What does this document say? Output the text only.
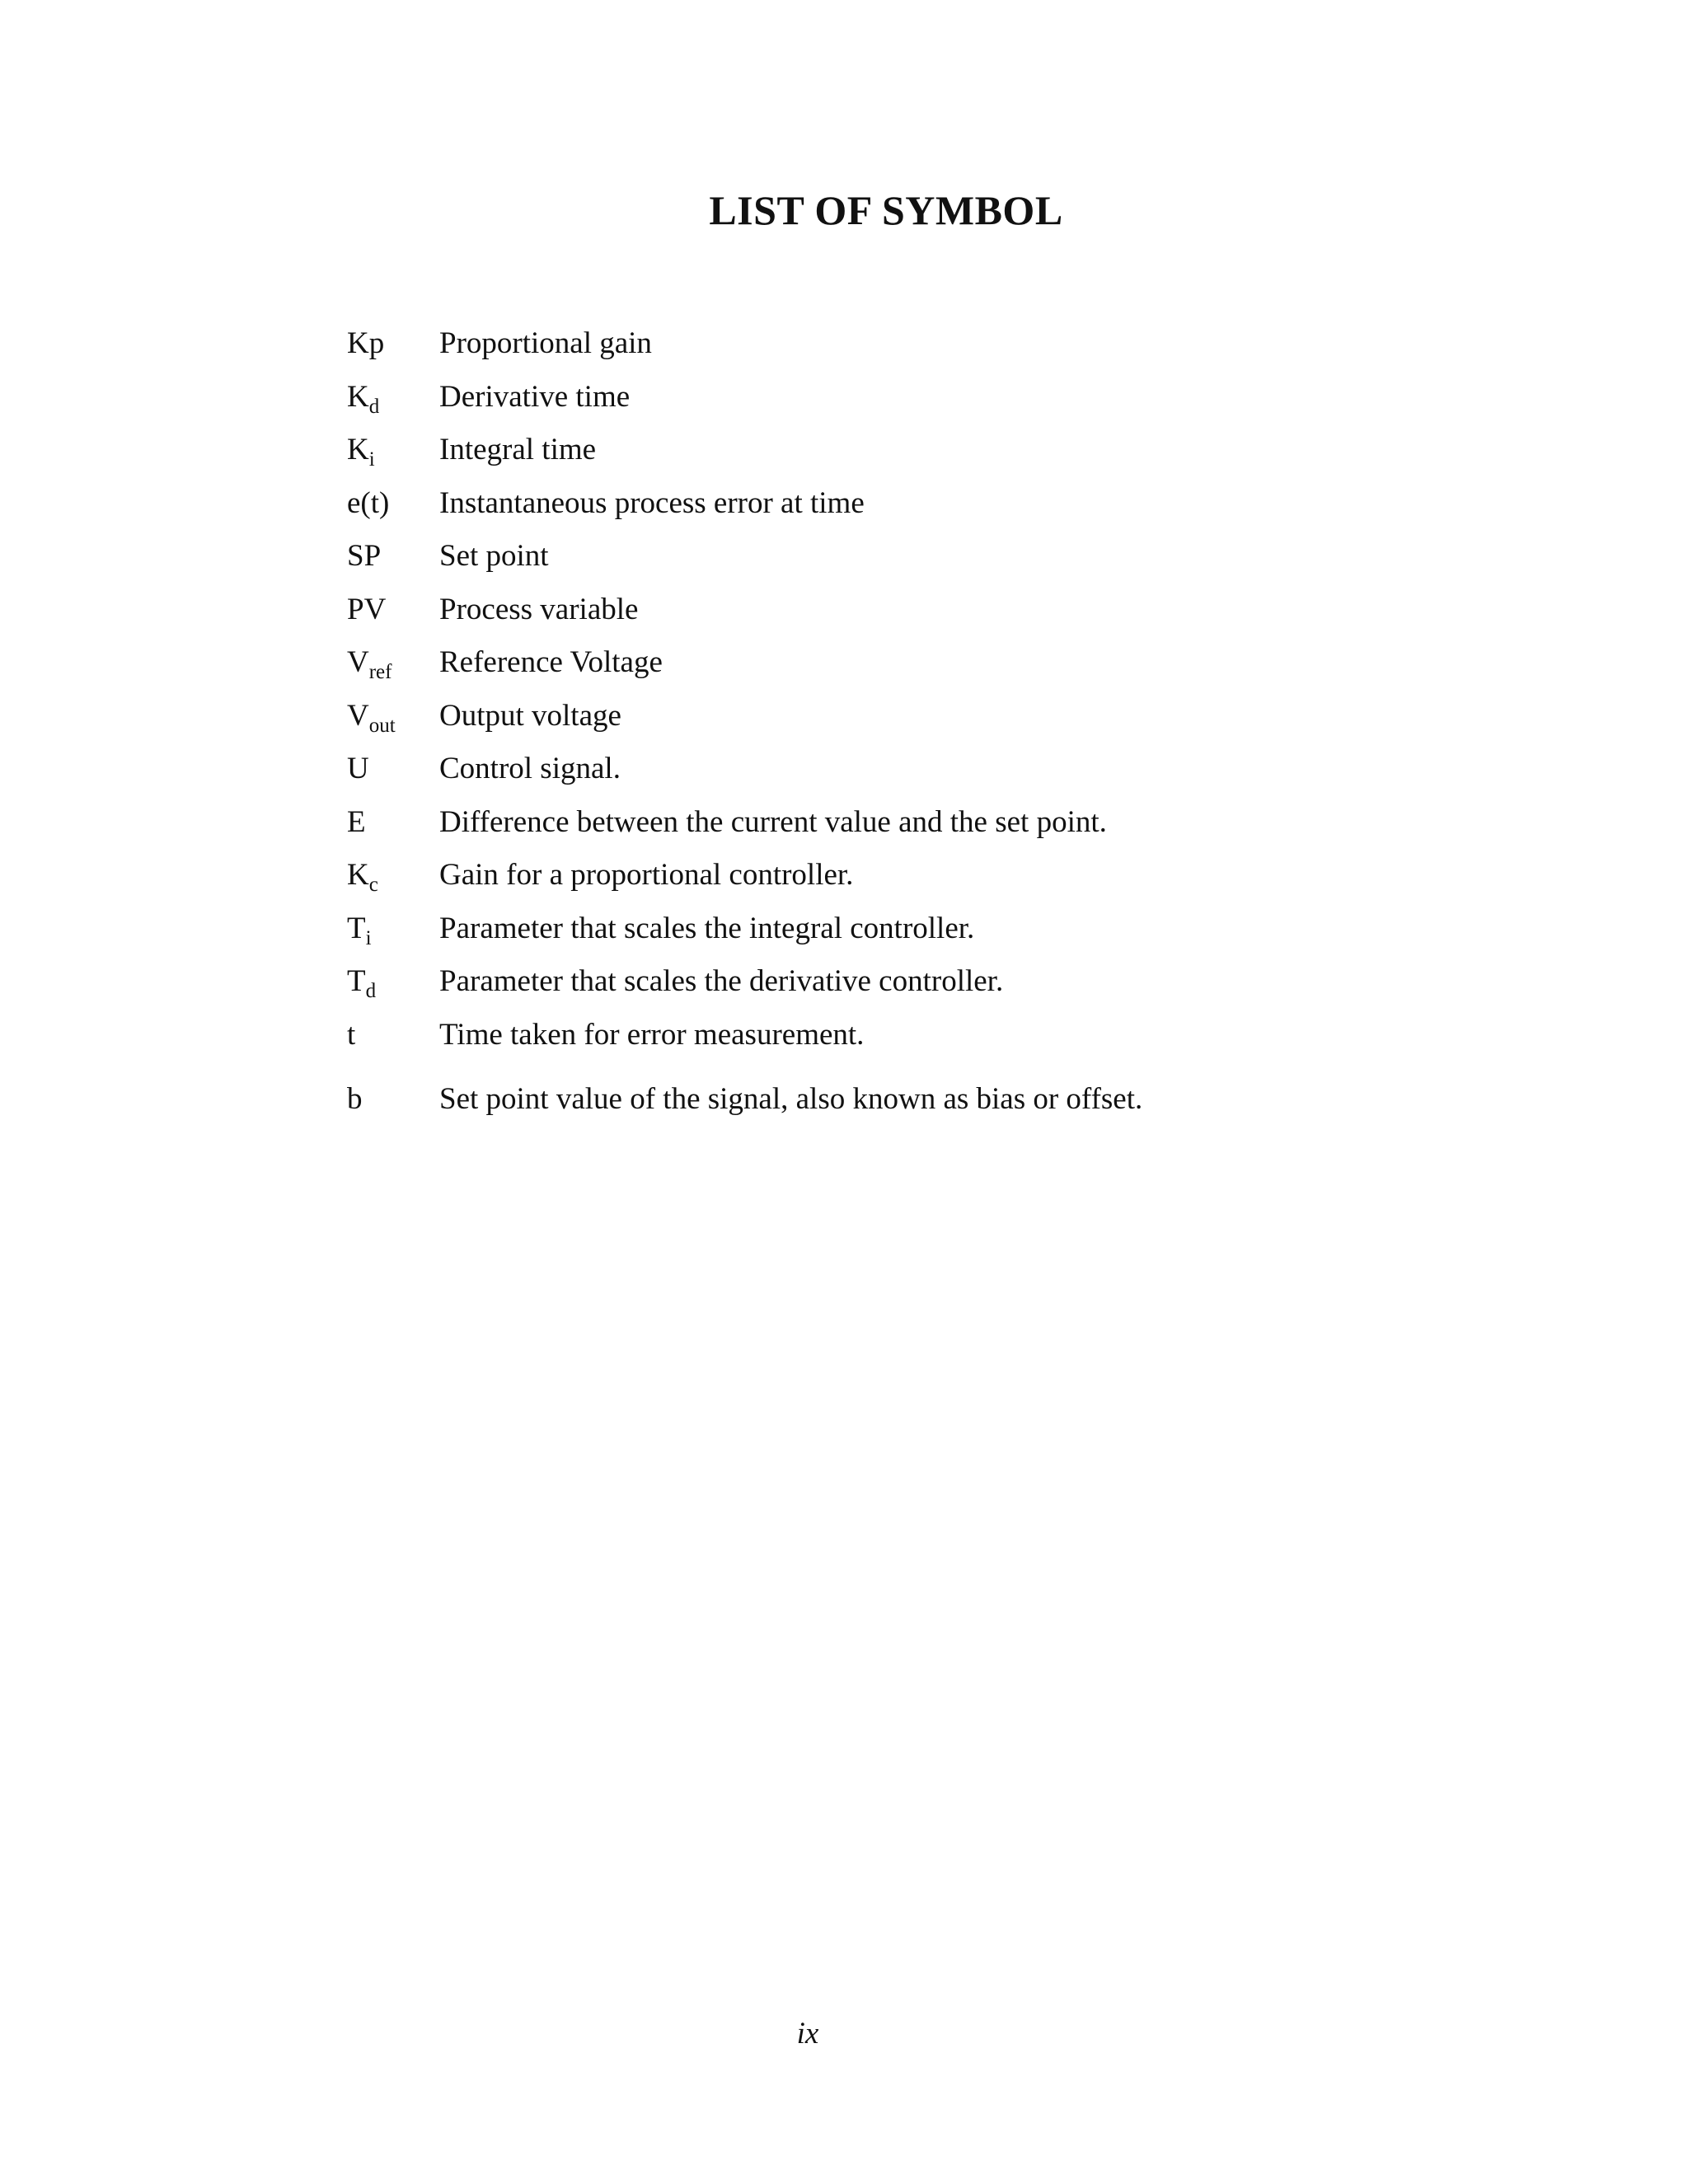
LIST OF SYMBOL
Kp Proportional gain
$K_d$ Derivative time
$K_i$ Integral time
e(t) Instantaneous process error at time
SP Set point
PV Process variable
$V_{ref}$ Reference Voltage
$V_{out}$ Output voltage
U Control signal.
E Difference between the current value and the set point.
$K_c$ Gain for a proportional controller.
$T_i$ Parameter that scales the integral controller.
$T_d$ Parameter that scales the derivative controller.
t	Time taken for error measurement.
b	Set point value of the signal, also known as bias or offset.
ix
